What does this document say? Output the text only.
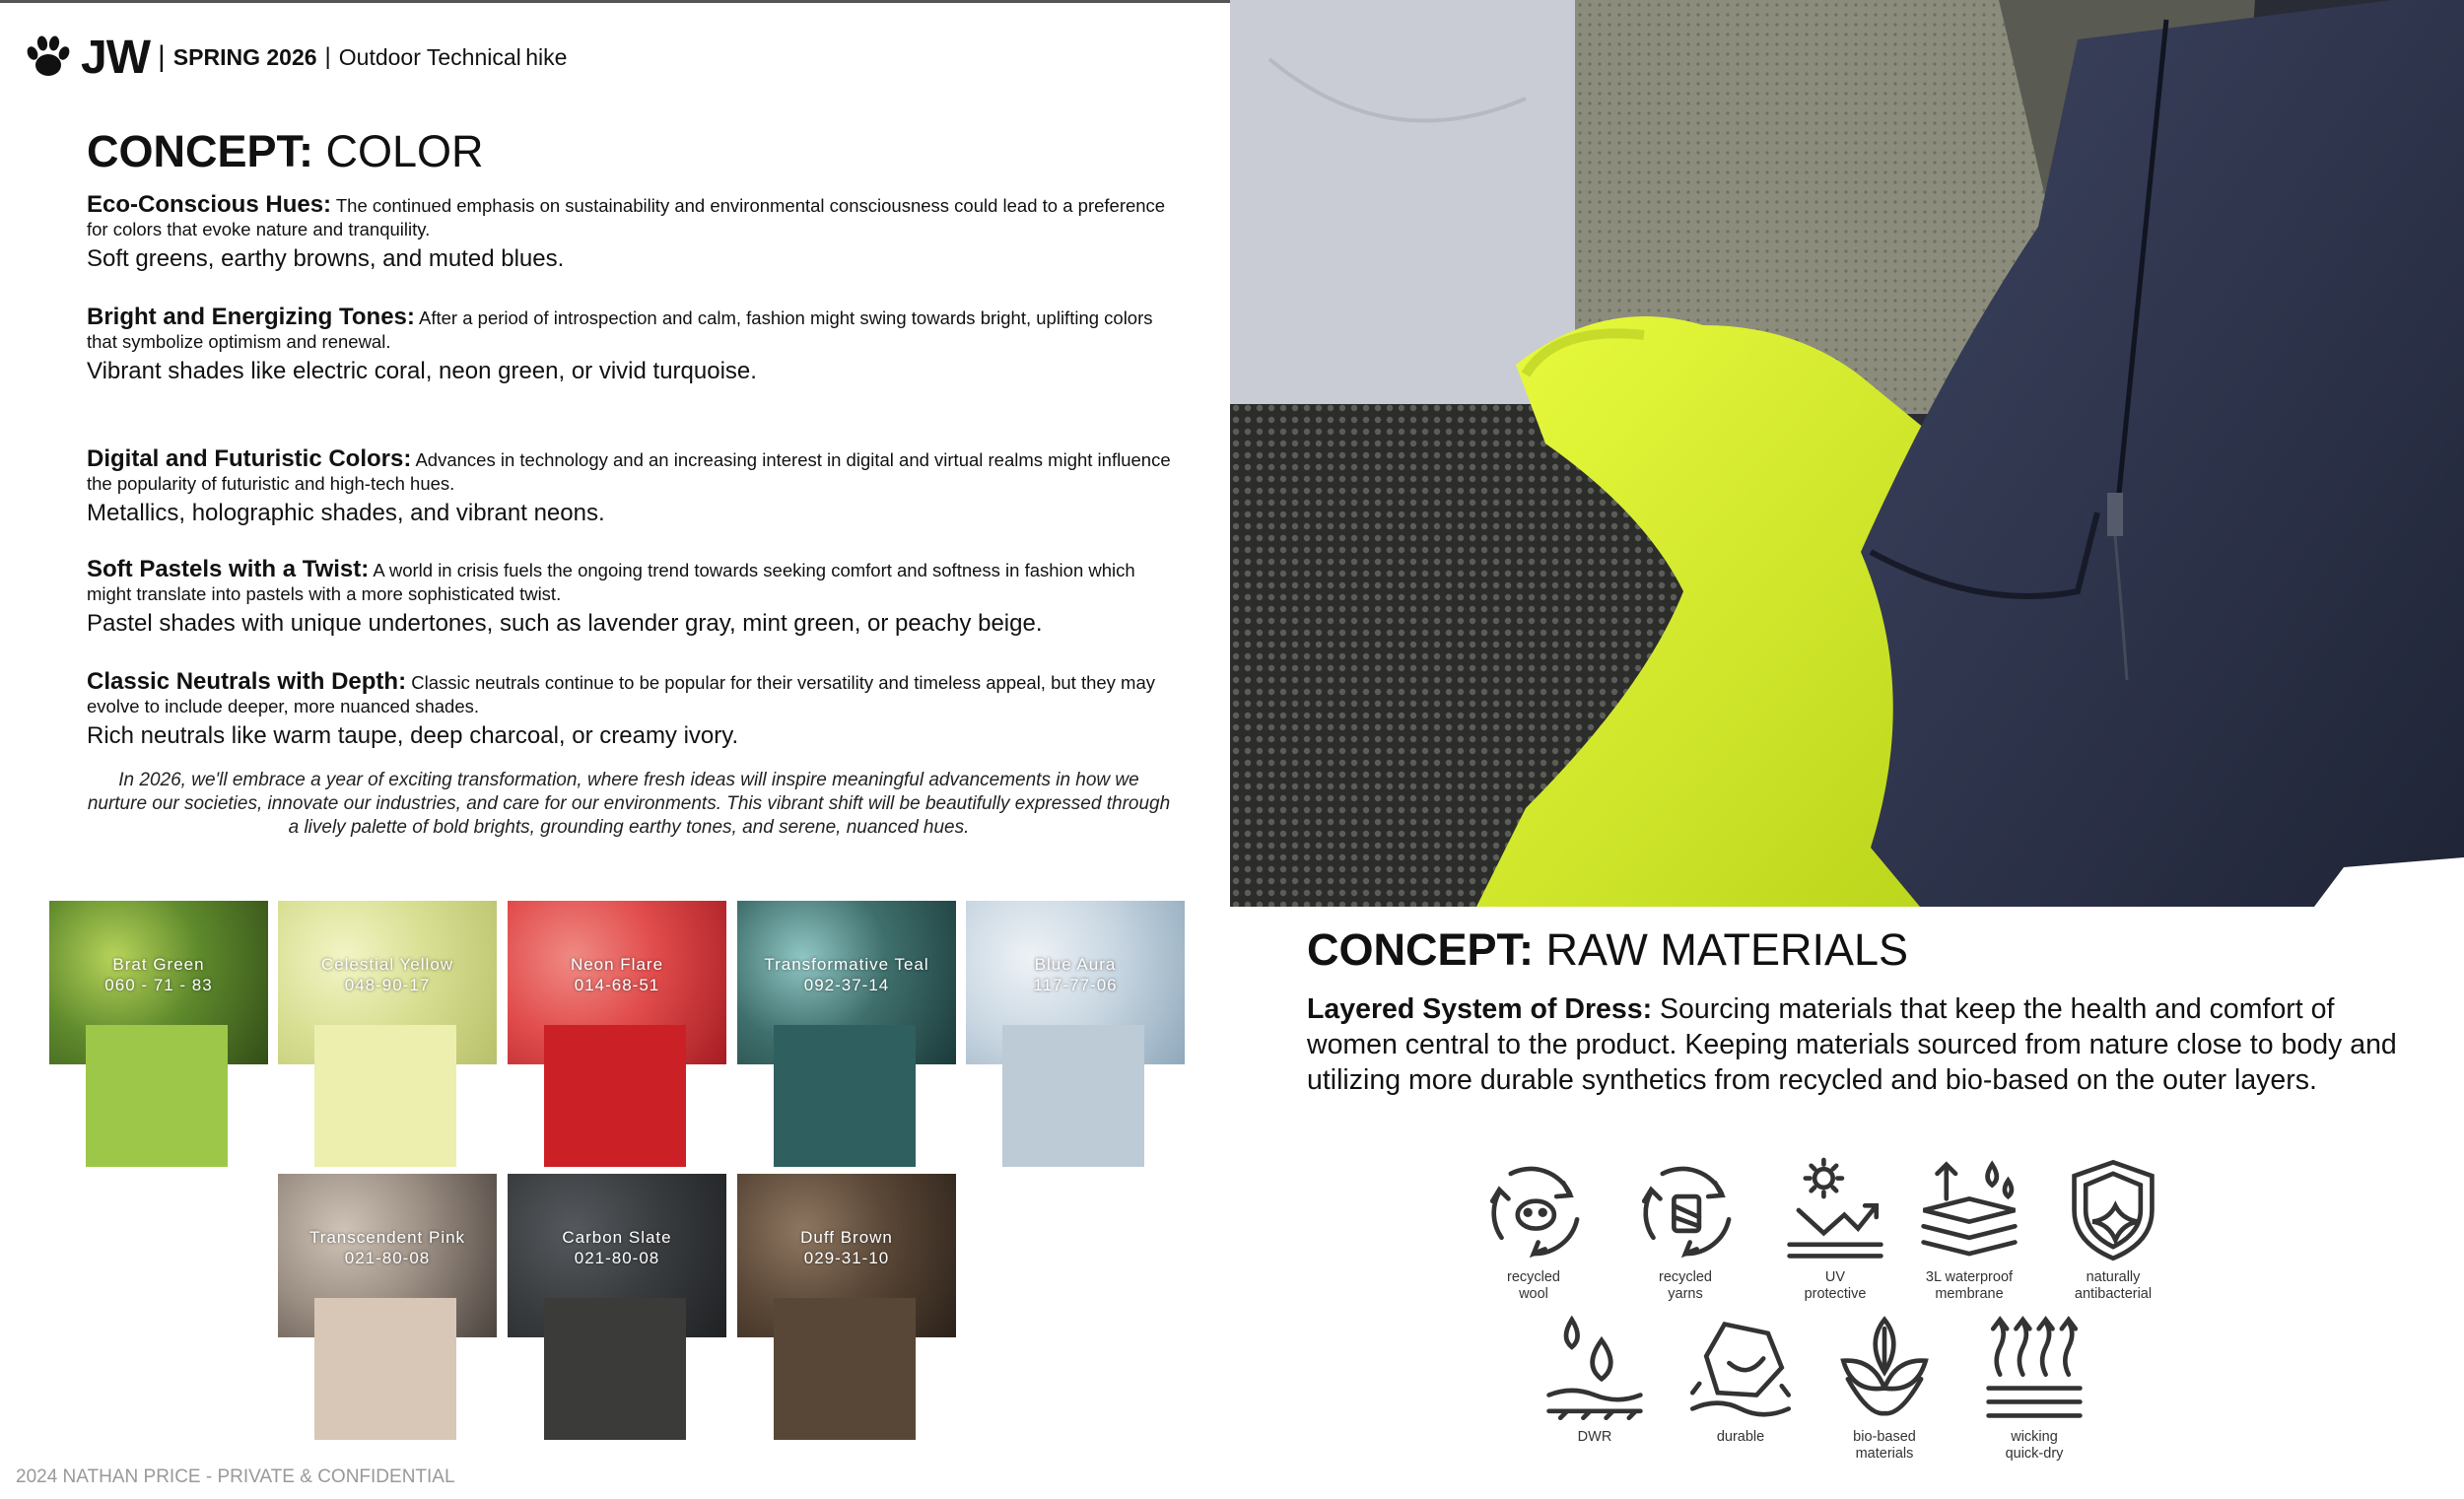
JW | SPRING 2026 | Outdoor Technical
hike
CONCEPT: COLOR
Eco-Conscious Hues: The continued emphasis on sustainability and environmental consciousness could lead to a preference for colors that evoke nature and tranquility.
Soft greens, earthy browns, and muted blues.
Bright and Energizing Tones: After a period of introspection and calm, fashion might swing towards bright, uplifting colors that symbolize optimism and renewal.
Vibrant shades like electric coral, neon green, or vivid turquoise.
Digital and Futuristic Colors: Advances in technology and an increasing interest in digital and virtual realms might influence the popularity of futuristic and high-tech hues.
Metallics, holographic shades, and vibrant neons.
Soft Pastels with a Twist: A world in crisis fuels the ongoing trend towards seeking comfort and softness in fashion which might translate into pastels with a more sophisticated twist.
Pastel shades with unique undertones, such as lavender gray, mint green, or peachy beige.
Classic Neutrals with Depth: Classic neutrals continue to be popular for their versatility and timeless appeal, but they may evolve to include deeper, more nuanced shades.
Rich neutrals like warm taupe, deep charcoal, or creamy ivory.
In 2026, we'll embrace a year of exciting transformation, where fresh ideas will inspire meaningful advancements in how we nurture our societies, innovate our industries, and care for our environments. This vibrant shift will be beautifully expressed through a lively palette of bold brights, grounding earthy tones, and serene, nuanced hues.
Brat Green
060 - 71 - 83
Celestial Yellow
048-90-17
Neon Flare
014-68-51
Transformative Teal
092-37-14
Blue Aura
117-77-06
Transcendent Pink
021-80-08
Carbon Slate
021-80-08
Duff Brown
029-31-10
2024 NATHAN PRICE - PRIVATE & CONFIDENTIAL
CONCEPT: RAW MATERIALS
Layered System of Dress: Sourcing materials that keep the health and comfort of women central to the product. Keeping materials sourced from nature close to body and utilizing more durable synthetics from recycled and bio-based on the outer layers.
recycled
wool
recycled
yarns
UV
protective
3L waterproof
membrane
naturally
antibacterial
DWR	durable	bio-based
materials
wicking
quick-dry
